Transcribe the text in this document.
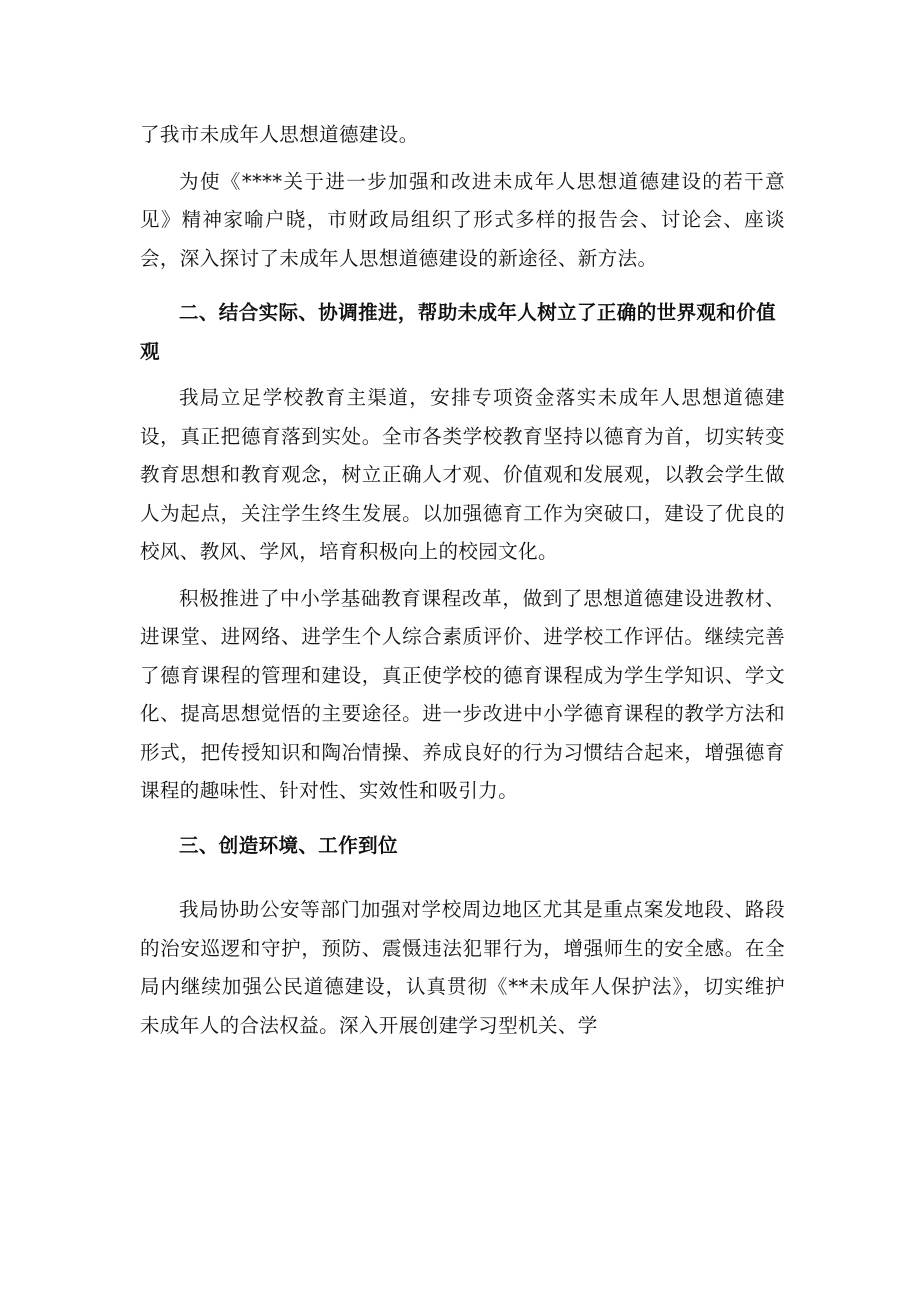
了我市未成年人思想道德建设。

为使《****关于进一步加强和改进未成年人思想道德建设的若干意见》精神家喻户晓，市财政局组织了形式多样的报告会、讨论会、座谈会，深入探讨了未成年人思想道德建设的新途径、新方法。

二、结合实际、协调推进，帮助未成年人树立了正确的世界观和价值观

我局立足学校教育主渠道，安排专项资金落实未成年人思想道德建设，真正把德育落到实处。全市各类学校教育坚持以德育为首，切实转变教育思想和教育观念，树立正确人才观、价值观和发展观，以教会学生做人为起点，关注学生终生发展。以加强德育工作为突破口，建设了优良的校风、教风、学风，培育积极向上的校园文化。

积极推进了中小学基础教育课程改革，做到了思想道德建设进教材、进课堂、进网络、进学生个人综合素质评价、进学校工作评估。继续完善了德育课程的管理和建设，真正使学校的德育课程成为学生学知识、学文化、提高思想觉悟的主要途径。进一步改进中小学德育课程的教学方法和形式，把传授知识和陶冶情操、养成良好的行为习惯结合起来，增强德育课程的趣味性、针对性、实效性和吸引力。

三、创造环境、工作到位

我局协助公安等部门加强对学校周边地区尤其是重点案发地段、路段的治安巡逻和守护，预防、震慑违法犯罪行为，增强师生的安全感。在全局内继续加强公民道德建设，认真贯彻《**未成年人保护法》，切实维护未成年人的合法权益。深入开展创建学习型机关、学
